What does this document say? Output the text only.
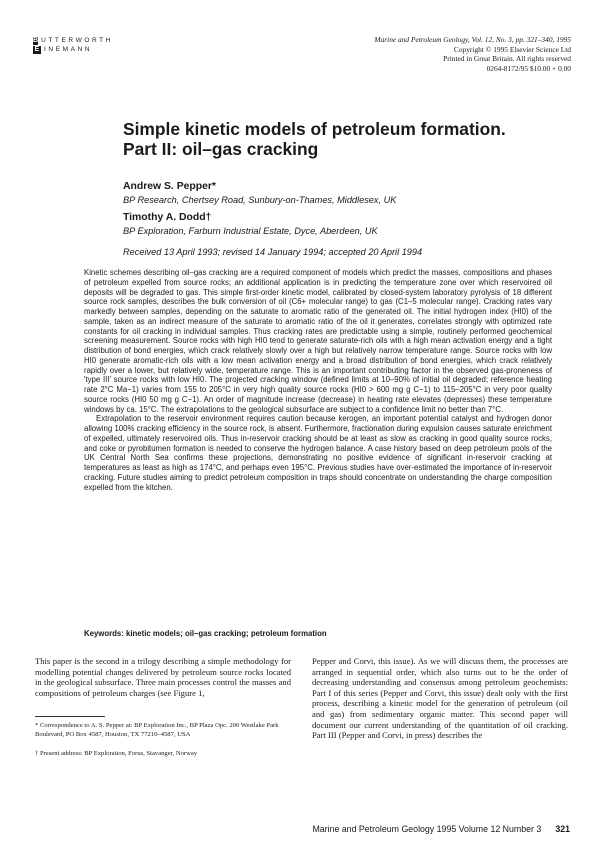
B UTTERWORTH
E INEMANN
Marine and Petroleum Geology, Vol. 12, No. 3, pp. 321–340, 1995
Copyright © 1995 Elsevier Science Ltd
Printed in Great Britain. All rights reserved
0264-8172/95 $10.00 + 0.00
Simple kinetic models of petroleum formation.
Part II: oil–gas cracking
Andrew S. Pepper*
BP Research, Chertsey Road, Sunbury-on-Thames, Middlesex, UK
Timothy A. Dodd†
BP Exploration, Farburn Industrial Estate, Dyce, Aberdeen, UK
Received 13 April 1993; revised 14 January 1994; accepted 20 April 1994

Kinetic schemes describing oil–gas cracking are a required component of models which predict the masses, compositions and phases of petroleum expelled from source rocks; an additional application is in predicting the temperature zone over which reservoired oil deposits will be degraded to gas. This simple first-order kinetic model, calibrated by closed-system laboratory pyrolysis of 18 different source rock samples, describes the bulk conversion of oil (C6+ molecular range) to gas (C1–5 molecular range). Cracking rates vary markedly between samples, depending on the saturate to aromatic ratio of the generated oil. The initial hydrogen index (HI0) of the sample, taken as an indirect measure of the saturate to aromatic ratio of the oil it generates, correlates strongly with optimized rate constants for oil cracking in individual samples. Thus cracking rates are predictable using a simple, routinely performed geochemical screening measurement. Source rocks with high HI0 tend to generate saturate-rich oils with a high mean activation energy and a tight distribution of bond energies, which crack relatively slowly over a high but relatively narrow temperature range. Source rocks with low HI0 generate aromatic-rich oils with a low mean activation energy and a broad distribution of bond energies, which crack relatively rapidly over a lower, but relatively wide, temperature range. This is an important contributing factor in the observed gas-proneness of 'type III' source rocks with low HI0. The projected cracking window (defined limits at 10–90% of initial oil degraded; reference heating rate 2°C Ma−1) varies from 155 to 205°C in very high quality source rocks (HI0 > 600 mg g C−1) to 115–205°C in very poor quality source rocks (HI0 50 mg g C−1). An order of magnitude increase (decrease) in heating rate elevates (depresses) these temperature windows by ca. 15°C. The extrapolations to the geological subsurface are subject to a confidence limit no better than 7°C.

Extrapolation to the reservoir environment requires caution because kerogen, an important potential catalyst and hydrogen donor allowing 100% cracking efficiency in the source rock, is absent. Furthermore, fractionation during expulsion causes saturate enrichment of expelled, ultimately reservoired oils. Thus in-reservoir cracking should be at least as slow as cracking in good quality source rocks, and coke or pyrobitumen formation is needed to conserve the hydrogen balance. A case history based on deep petroleum pools of the UK Central North Sea confirms these projections, demonstrating no positive evidence of significant in-reservoir cracking at temperatures as least as high as 174°C, and perhaps even 195°C. Previous studies have over-estimated the importance of in-reservoir cracking. Future studies aiming to predict petroleum composition in traps should concentrate on understanding the charge composition expelled from the kitchen.

Keywords: kinetic models; oil–gas cracking; petroleum formation
This paper is the second in a trilogy describing a simple methodology for modelling potential changes delivered by petroleum source rocks located in the geological subsurface. Three main processes control the masses and compositions of petroleum charges (see Figure 1,
Pepper and Corvi, this issue). As we will discuss them, the processes are arranged in sequential order, which also turns out to be the order of decreasing understanding and consensus among petroleum geochemists: Part I of this series (Pepper and Corvi, this issue) dealt only with the first process, describing a kinetic model for the generation of petroleum (oil and gas) from sedimentary organic matter. This second paper will document our current understanding of the quantitation of oil cracking. Part III (Pepper and Corvi, in press) describes the
* Correspondence to A. S. Pepper at: BP Exploration Inc., BP Plaza Opc. 200 Westlake Park Boulevard, PO Box 4587, Houston, TX 77210–4587, USA
† Present address: BP Exploration, Forus, Stavanger, Norway
Marine and Petroleum Geology 1995 Volume 12 Number 3 321
